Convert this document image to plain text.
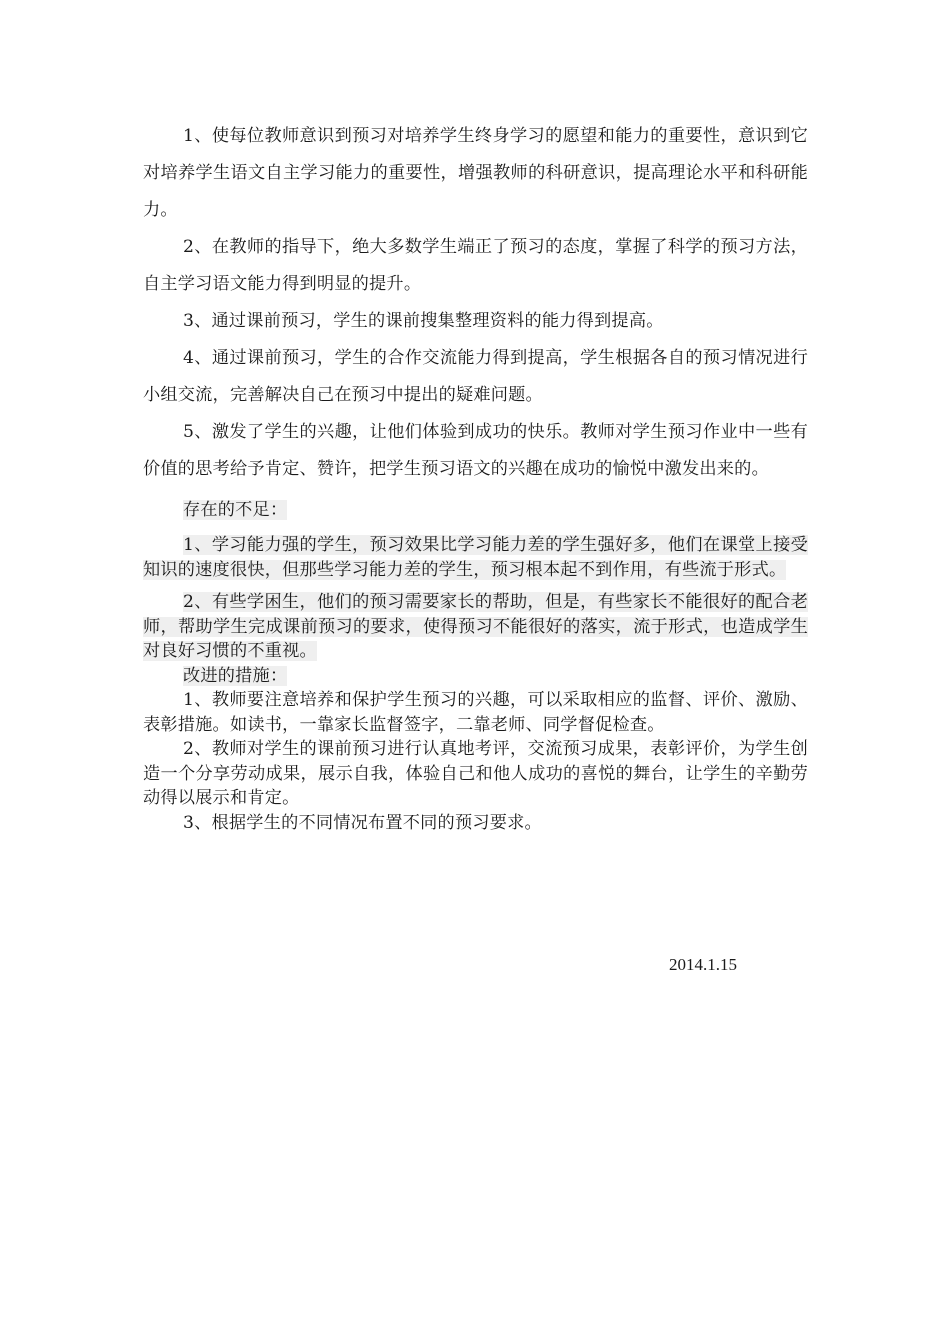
1、使每位教师意识到预习对培养学生终身学习的愿望和能力的重要性，意识到它对培养学生语文自主学习能力的重要性，增强教师的科研意识，提高理论水平和科研能力。

2、在教师的指导下，绝大多数学生端正了预习的态度，掌握了科学的预习方法，自主学习语文能力得到明显的提升。

3、通过课前预习，学生的课前搜集整理资料的能力得到提高。

4、通过课前预习，学生的合作交流能力得到提高，学生根据各自的预习情况进行小组交流，完善解决自己在预习中提出的疑难问题。

5、激发了学生的兴趣，让他们体验到成功的快乐。教师对学生预习作业中一些有价值的思考给予肯定、赞许，把学生预习语文的兴趣在成功的愉悦中激发出来的。

存在的不足：

1、学习能力强的学生，预习效果比学习能力差的学生强好多，他们在课堂上接受知识的速度很快，但那些学习能力差的学生，预习根本起不到作用，有些流于形式。

2、有些学困生，他们的预习需要家长的帮助，但是，有些家长不能很好的配合老师，帮助学生完成课前预习的要求，使得预习不能很好的落实，流于形式，也造成学生对良好习惯的不重视。

改进的措施：

1、教师要注意培养和保护学生预习的兴趣，可以采取相应的监督、评价、激励、表彰措施。如读书，一靠家长监督签字，二靠老师、同学督促检查。

2、教师对学生的课前预习进行认真地考评，交流预习成果，表彰评价，为学生创造一个分享劳动成果，展示自我，体验自己和他人成功的喜悦的舞台，让学生的辛勤劳动得以展示和肯定。

3、根据学生的不同情况布置不同的预习要求。

2014.1.15
